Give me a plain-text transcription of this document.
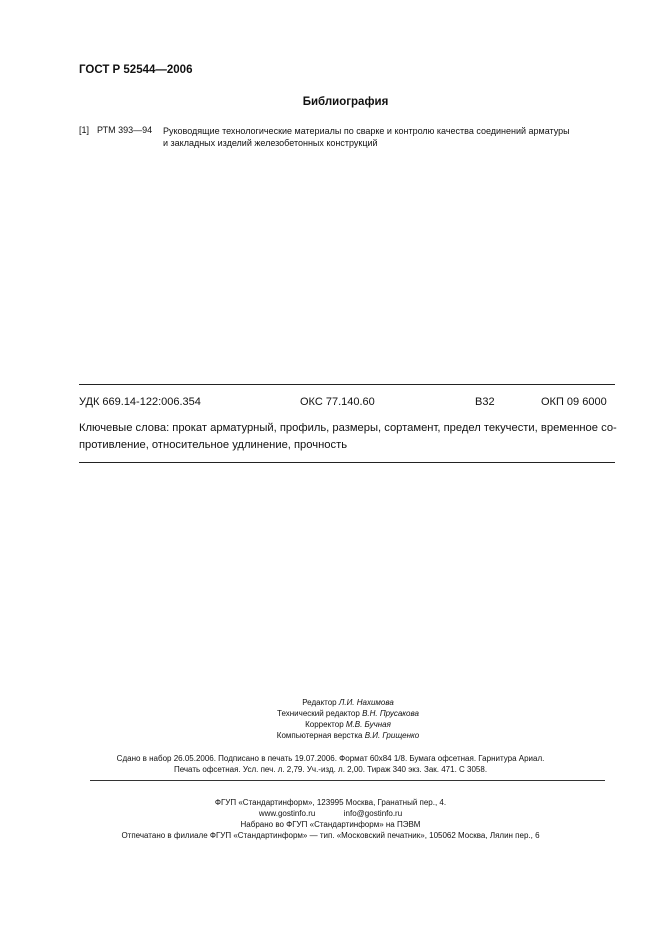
ГОСТ Р 52544—2006
Библиография
[1] РТМ 393—94 Руководящие технологические материалы по сварке и контролю качества соединений арматуры
и закладных изделий железобетонных конструкций
УДК 669.14-122:006.354	ОКС 77.140.60	В32	ОКП 09 6000
Ключевые слова: прокат арматурный, профиль, размеры, сортамент, предел текучести, временное со-
противление, относительное удлинение, прочность
Редактор Л.И. Нахимова
Технический редактор В.Н. Прусакова
Корректор М.В. Бучная
Компьютерная верстка В.И. Грищенко
Сдано в набор 26.05.2006. Подписано в печать 19.07.2006. Формат 60x84 1/8. Бумага офсетная. Гарнитура Ариал.
Печать офсетная. Усл. печ. л. 2,79. Уч.-изд. л. 2,00. Тираж 340 экз. Зак. 471. С 3058.
ФГУП «Стандартинформ», 123995 Москва, Гранатный пер., 4.
www.gostinfo.ru	info@gostinfo.ru
Набрано во ФГУП «Стандартинформ» на ПЭВМ
Отпечатано в филиале ФГУП «Стандартинформ» — тип. «Московский печатник», 105062 Москва, Лялин пер., 6
